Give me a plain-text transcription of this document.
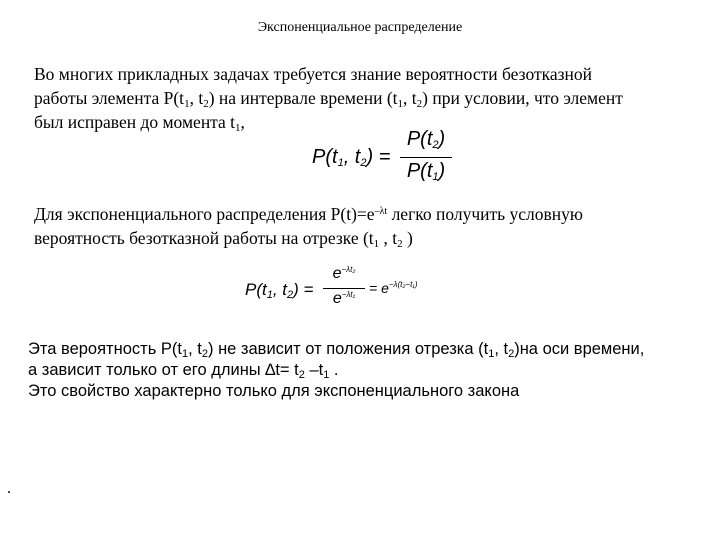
Экспоненциальное распределение
Во многих прикладных задачах требуется знание вероятности безотказной
работы элемента $P(t_1$, $t_2$) на интервале времени ($t_1$, $t_2$) при условии, что элемент
был исправен до момента $t_1$,
$P(t_1$, $t_2$) =
$P(t_2)$
$P(t_1)$
Для экспоненциального распределения $P(t)=e^{-\lambda t}$ легко получить условную
вероятность безотказной работы на отрезке ($t_1$ , $t_2$ )
$P(t_1$, $t_2$) =
$e^{-\lambda t_2}$
$e^{-\lambda t_1} = e^{-\lambda(t_2-t_1)}$
Эта вероятность $P(t_1$, $t_2$) не зависит от положения отрезка ($t_1$, $t_2)на$ оси времени,
а зависит только от его длины $\Delta t= t_2$ $-t_1$ .
Это свойство характерно только для экспоненциального закона
.
